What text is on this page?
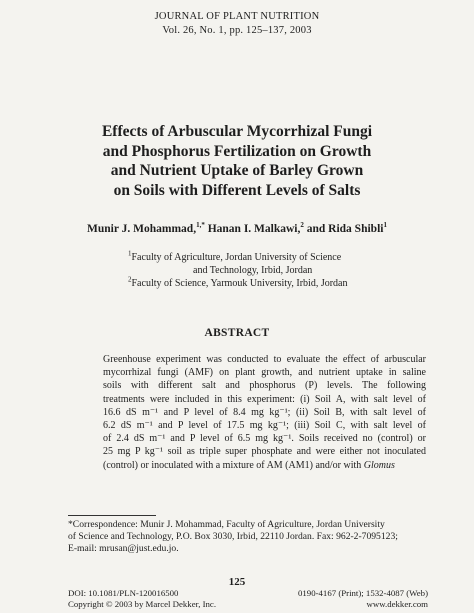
JOURNAL OF PLANT NUTRITION
Vol. 26, No. 1, pp. 125–137, 2003
Effects of Arbuscular Mycorrhizal Fungi
and Phosphorus Fertilization on Growth
and Nutrient Uptake of Barley Grown
on Soils with Different Levels of Salts
Munir J. Mohammad,$^{1,*}$ Hanan I. Malkawi,$^2$ and Rida Shibli$^1$
$^1$Faculty of Agriculture, Jordan University of Science
and Technology, Irbid, Jordan
$^2$Faculty of Science, Yarmouk University, Irbid, Jordan
ABSTRACT
Greenhouse experiment was conducted to evaluate the effect of arbuscular
mycorrhizal fungi (AMF) on plant growth, and nutrient uptake in saline
soils with different salt and phosphorus (P) levels. The following
treatments were included in this experiment: (i) Soil A, with salt level of
16.6 dS m⁻¹ and P level of 8.4 mg kg⁻¹; (ii) Soil B, with salt level of
6.2 dS m⁻¹ and P level of 17.5 mg kg⁻¹; (iii) Soil C, with salt level of
of 2.4 dS m⁻¹ and P level of 6.5 mg kg⁻¹. Soils received no (control) or
25 mg P kg⁻¹ soil as triple super phosphate and were either not inoculated
(control) or inoculated with a mixture of AM (AM1) and/or with Glomus
*Correspondence: Munir J. Mohammad, Faculty of Agriculture, Jordan University
of Science and Technology, P.O. Box 3030, Irbid, 22110 Jordan. Fax: 962-2-7095123;
E-mail: mrusan@just.edu.jo.
125
DOI: 10.1081/PLN-120016500
Copyright © 2003 by Marcel Dekker, Inc.
0190-4167 (Print); 1532-4087 (Web)
www.dekker.com
